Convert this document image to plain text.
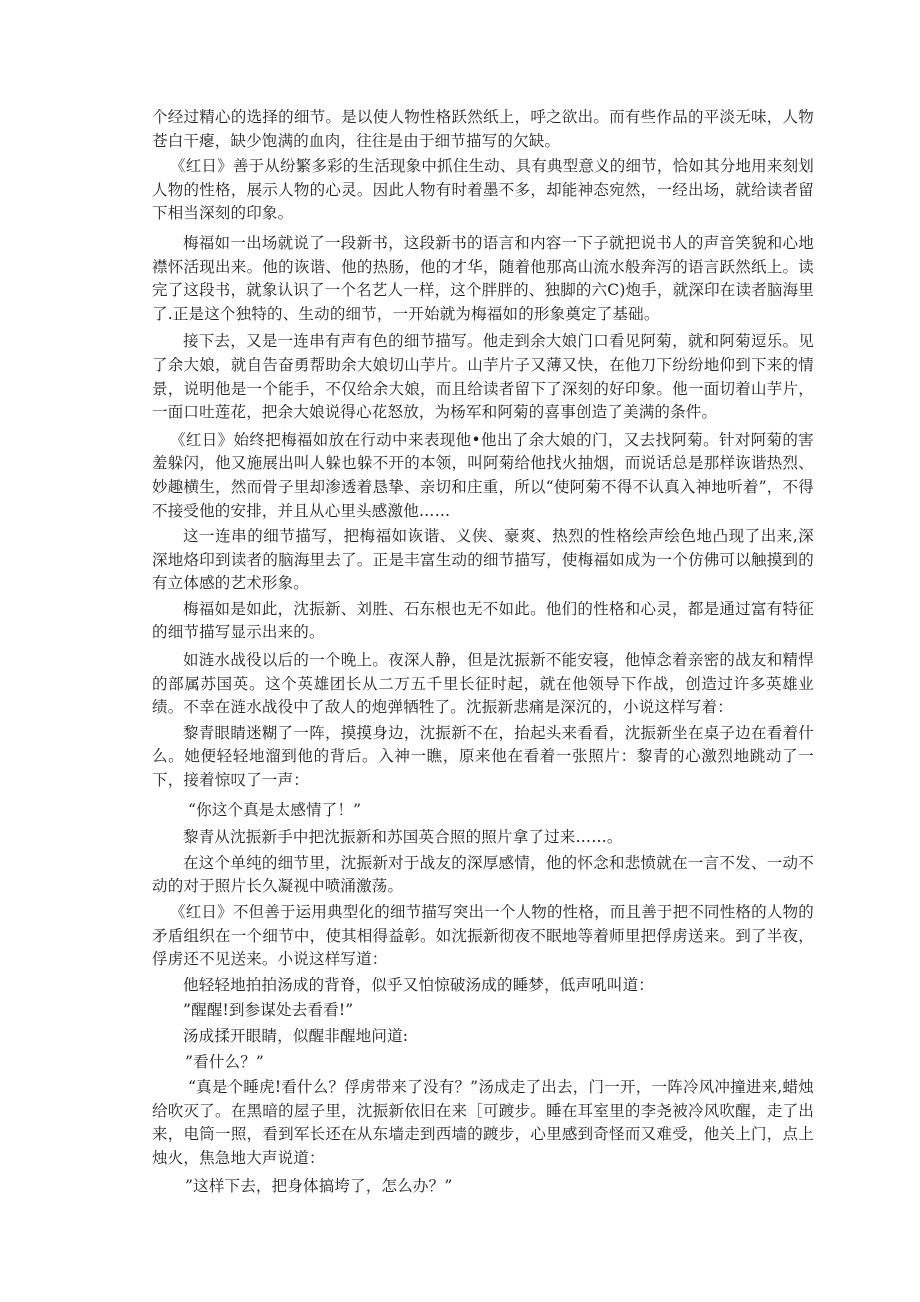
个经过精心的选择的细节。是以使人物性格跃然纸上，呼之欲出。而有些作品的平淡无味，人物苍白干瘪，缺少饱满的血肉，往往是由于细节描写的欠缺。

《红日》善于从纷繁多彩的生活现象中抓住生动、具有典型意义的细节，恰如其分地用来刻划人物的性格，展示人物的心灵。因此人物有时着墨不多，却能神态宛然，一经出场，就给读者留下相当深刻的印象。

梅福如一出场就说了一段新书，这段新书的语言和内容一下子就把说书人的声音笑貌和心地襟怀活现出来。他的诙谐、他的热肠，他的才华，随着他那高山流水般奔泻的语言跃然纸上。读完了这段书，就象认识了一个名艺人一样，这个胖胖的、独脚的六C)炮手，就深印在读者脑海里了.正是这个独特的、生动的细节，一开始就为梅福如的形象奠定了基础。

接下去，又是一连串有声有色的细节描写。他走到余大娘门口看见阿菊，就和阿菊逗乐。见了余大娘，就自告奋勇帮助余大娘切山芋片。山芋片子又薄又快，在他刀下纷纷地仰到下来的情景，说明他是一个能手，不仅给余大娘，而且给读者留下了深刻的好印象。他一面切着山芋片，一面口吐莲花，把余大娘说得心花怒放，为杨军和阿菊的喜事创造了美满的条件。

《红日》始终把梅福如放在行动中来表现他•他出了余大娘的门，又去找阿菊。针对阿菊的害羞躲闪，他又施展出叫人躲也躲不开的本领，叫阿菊给他找火抽烟，而说话总是那样诙谐热烈、妙趣横生，然而骨子里却渗透着恳挚、亲切和庄重，所以“使阿菊不得不认真入神地听着”，不得不接受他的安排，并且从心里头感激他……

这一连串的细节描写，把梅福如诙谐、义侠、豪爽、热烈的性格绘声绘色地凸现了出来,深深地烙印到读者的脑海里去了。正是丰富生动的细节描写，使梅福如成为一个仿佛可以触摸到的有立体感的艺术形象。

梅福如是如此，沈振新、刘胜、石东根也无不如此。他们的性格和心灵，都是通过富有特征的细节描写显示出来的。

如涟水战役以后的一个晚上。夜深人静，但是沈振新不能安寝，他悼念着亲密的战友和精悍的部属苏国英。这个英雄团长从二万五千里长征时起，就在他领导下作战，创造过许多英雄业绩。不幸在涟水战役中了敌人的炮弹牺牲了。沈振新悲痛是深沉的，小说这样写着：

黎青眼睛迷糊了一阵，摸摸身边，沈振新不在，抬起头来看看，沈振新坐在桌子边在看着什么。她便轻轻地溜到他的背后。入神一瞧，原来他在看着一张照片：黎青的心激烈地跳动了一下，接着惊叹了一声：

“你这个真是太感情了！”

黎青从沈振新手中把沈振新和苏国英合照的照片拿了过来……。

在这个单纯的细节里，沈振新对于战友的深厚感情，他的怀念和悲愤就在一言不发、一动不动的对于照片长久凝视中喷涌激荡。

《红日》不但善于运用典型化的细节描写突出一个人物的性格，而且善于把不同性格的人物的矛盾组织在一个细节中，使其相得益彰。如沈振新彻夜不眠地等着师里把俘虏送来。到了半夜，俘虏还不见送来。小说这样写道：

他轻轻地拍拍汤成的背脊，似乎又怕惊破汤成的睡梦，低声吼叫道：

”醒醒!到参谋处去看看!”

汤成揉开眼睛，似醒非醒地问道:

”看什么？”

“真是个睡虎!看什么？俘虏带来了没有？”汤成走了出去，门一开，一阵冷风冲撞进来,蜡烛给吹灭了。在黑暗的屋子里，沈振新依旧在来［可踱步。睡在耳室里的李尧被冷风吹醒，走了出来，电筒一照，看到军长还在从东墙走到西墙的踱步，心里感到奇怪而又难受，他关上门，点上烛火，焦急地大声说道：

”这样下去，把身体搞垮了，怎么办？”
